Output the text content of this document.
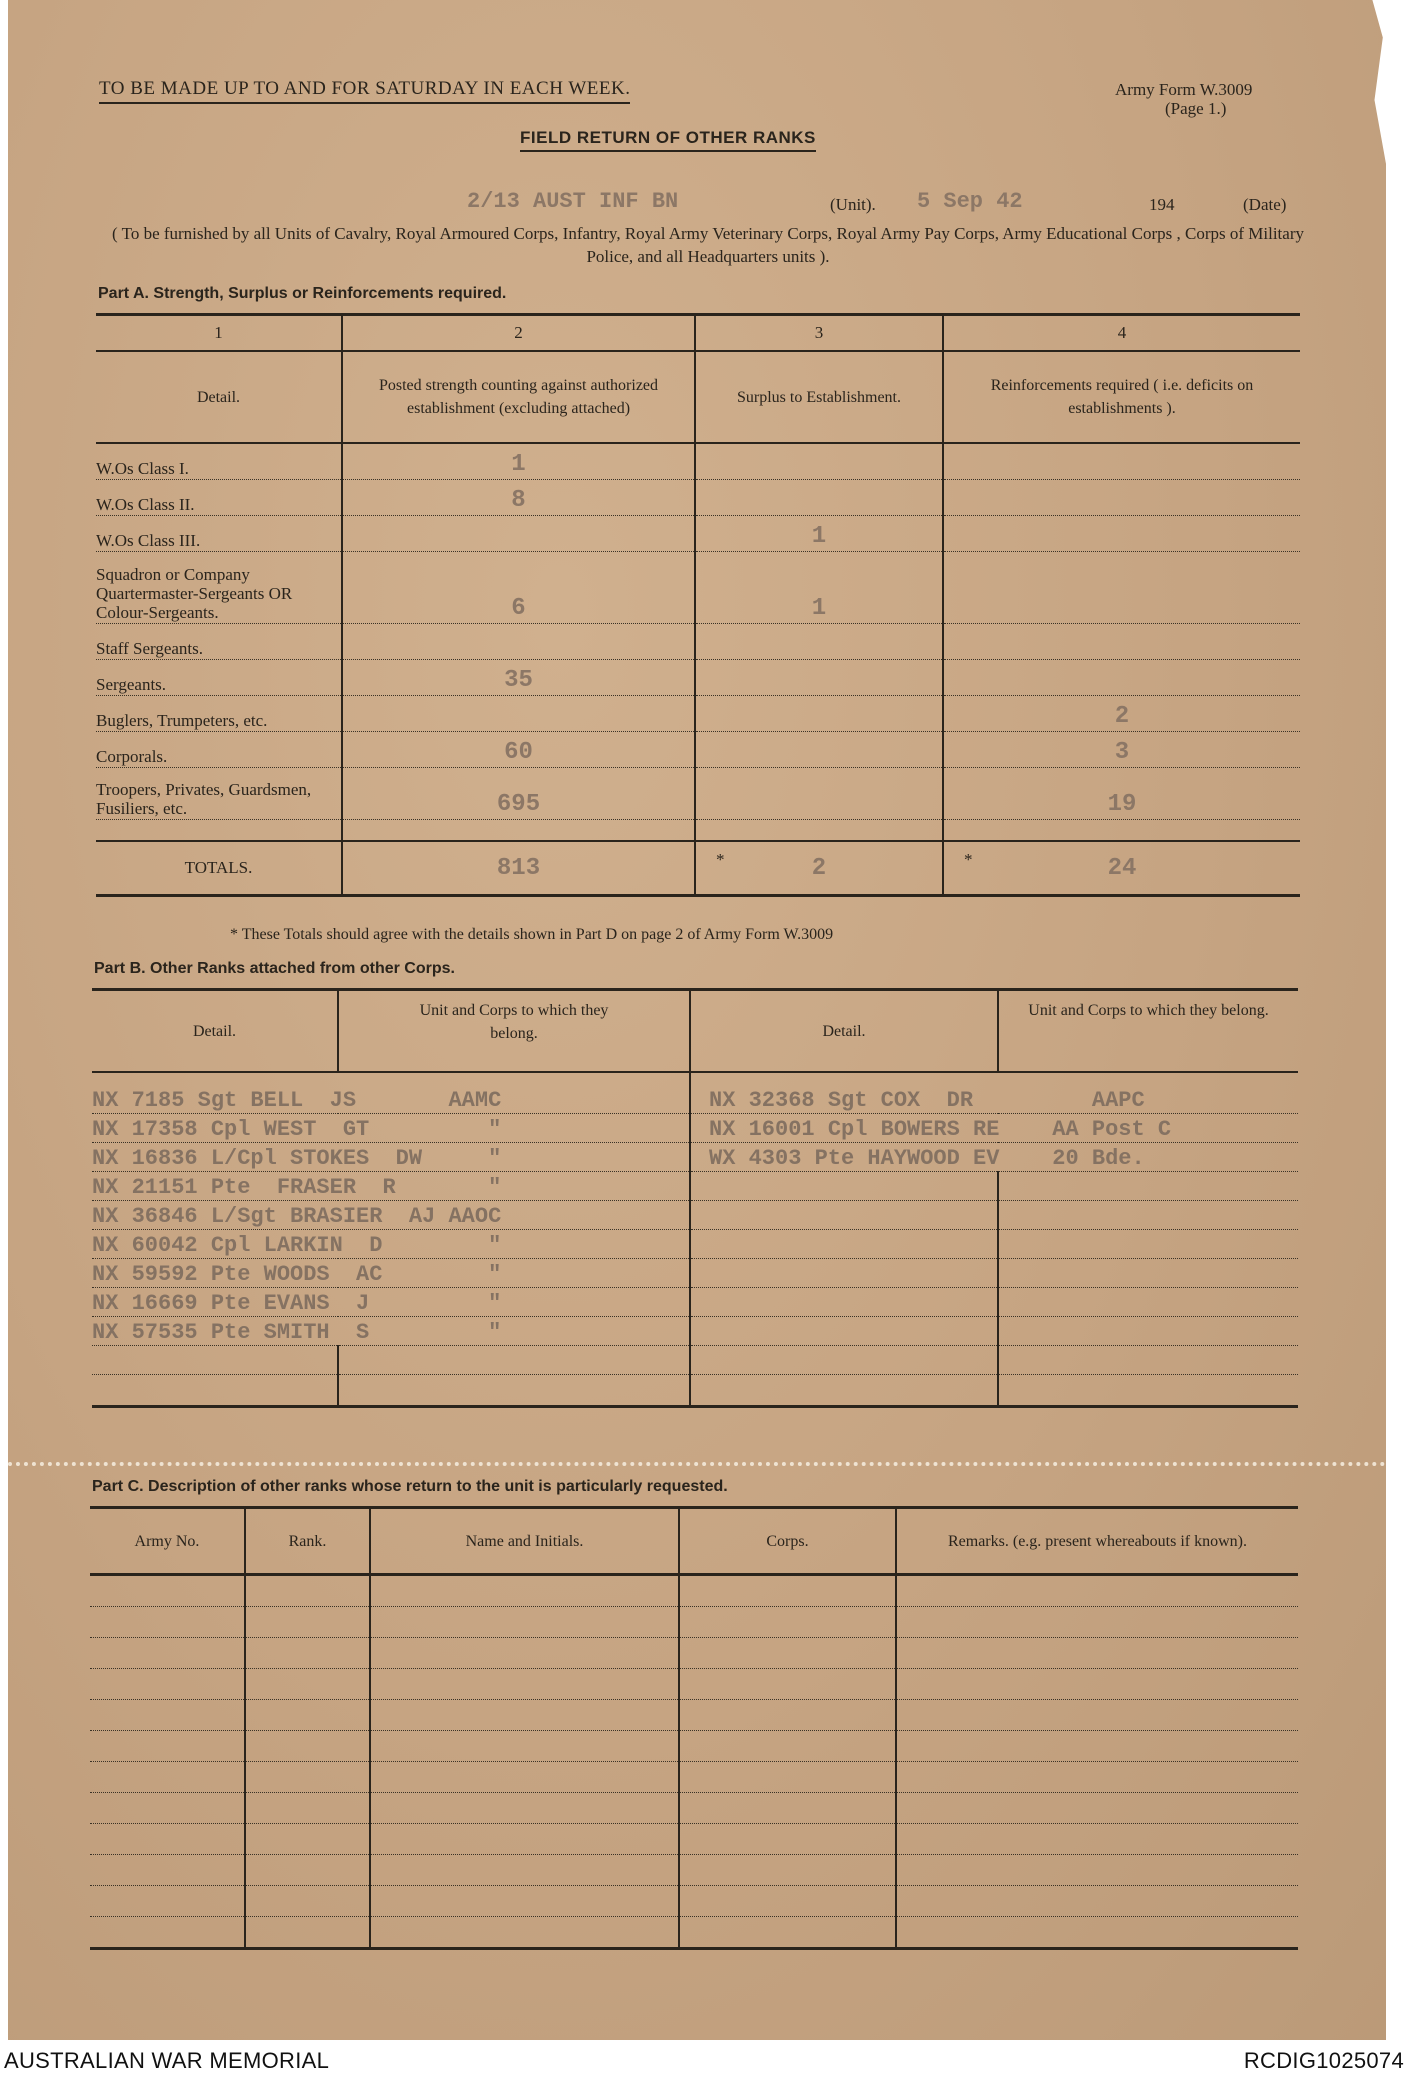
TO BE MADE UP TO AND FOR SATURDAY IN EACH WEEK.	Army Form W.3009
(Page 1.)
FIELD RETURN OF OTHER RANKS
2/13 AUST INF BN	(Unit). 5 Sep 42	194	(Date)
( To be furnished by all Units of Cavalry, Royal Armoured Corps, Infantry, Royal Army Veterinary Corps, Royal Army Pay Corps, Army Educational Corps , Corps of Military Police, and all Headquarters units ).
Part A. Strength, Surplus or Reinforcements required.
1	2	3	4
Detail.	Posted strength counting against authorized establishment (excluding attached)	Surplus to Establishment.	Reinforcements required ( i.e. deficits on establishments ).
W.Os Class I.	1		
W.Os Class II.	8		
W.Os Class III.		1	
Squadron or Company Quartermaster-Sergeants OR Colour-Sergeants.	6	1	
Staff Sergeants.			
Sergeants.	35		
Buglers, Trumpeters, etc.			2
Corporals.	60		3
Troopers, Privates, Guardsmen, Fusiliers, etc.	695		19

TOTALS.	813	* 2	* 24
* These Totals should agree with the details shown in Part D on page 2 of Army Form W.3009
Part B. Other Ranks attached from other Corps.
Detail.	Unit and Corps to which they belong.	Detail.	Unit and Corps to which they belong.
NX 7185 Sgt BELL  JS       AAMC		NX 32368 Sgt COX  DR         AAPC	
NX 17358 Cpl WEST  GT         "		NX 16001 Cpl BOWERS RE    AA Post C	
NX 16836 L/Cpl STOKES  DW     "		WX 4303 Pte HAYWOOD EV    20 Bde.	
NX 21151 Pte  FRASER  R       "			
NX 36846 L/Sgt BRASIER  AJ AAOC			
NX 60042 Cpl LARKIN  D        "			
NX 59592 Pte WOODS  AC        "			
NX 16669 Pte EVANS  J         "			
NX 57535 Pte SMITH  S         "			

Part C. Description of other ranks whose return to the unit is particularly requested.
Army No.	Rank.	Name and Initials.	Corps.	Remarks. (e.g. present whereabouts if known).

AUSTRALIAN WAR MEMORIAL	RCDIG1025074
